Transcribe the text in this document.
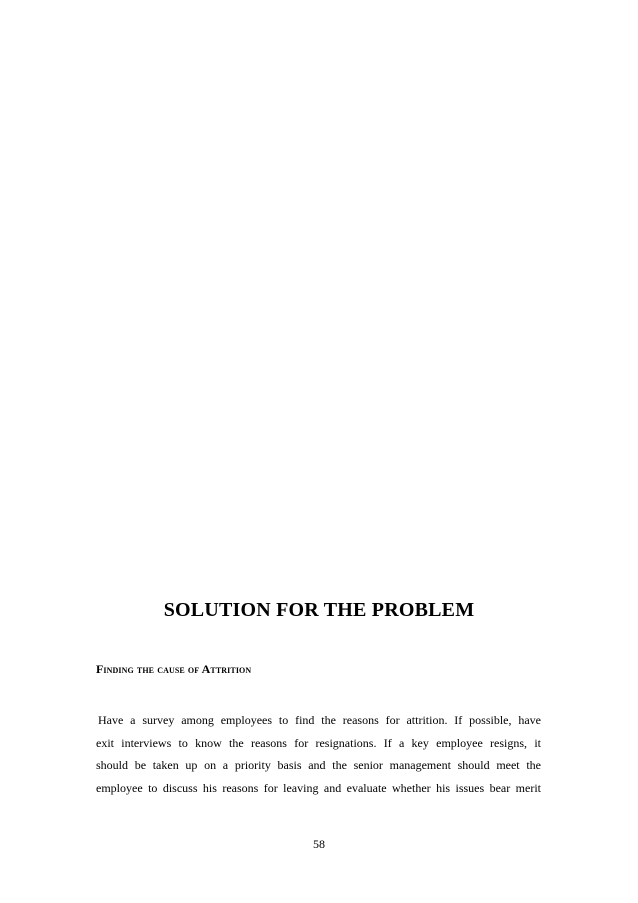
SOLUTION FOR THE PROBLEM
Finding the cause of Attrition
Have a survey among employees to find the reasons for attrition. If possible, have
exit interviews to know the reasons for resignations. If a key employee resigns, it
should be taken up on a priority basis and the senior management should meet the
employee to discuss his reasons for leaving and evaluate whether his issues bear merit
58
